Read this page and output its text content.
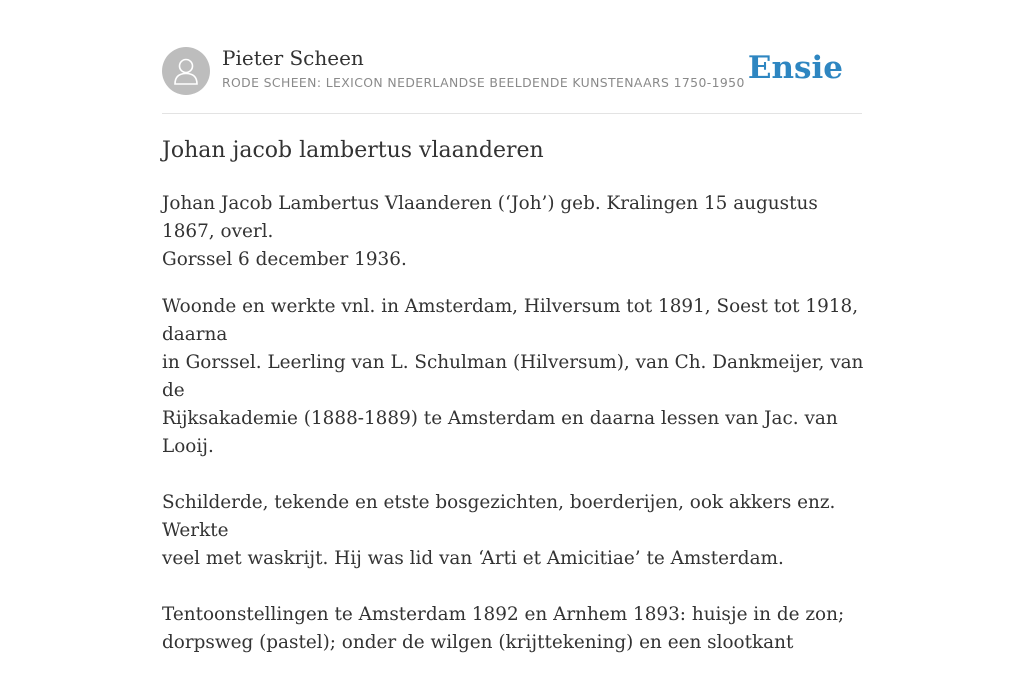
Pieter Scheen
RODE SCHEEN: LEXICON NEDERLANDSE BEELDENDE KUNSTENAARS 1750-1950 Ensie
Johan jacob lambertus vlaanderen

Johan Jacob Lambertus Vlaanderen (‘Joh’) geb. Kralingen 15 augustus 1867, overl.
Gorssel 6 december 1936.

Woonde en werkte vnl. in Amsterdam, Hilversum tot 1891, Soest tot 1918, daarna
in Gorssel. Leerling van L. Schulman (Hilversum), van Ch. Dankmeijer, van de
Rijksakademie (1888-1889) te Amsterdam en daarna lessen van Jac. van Looij.

Schilderde, tekende en etste bosgezichten, boerderijen, ook akkers enz. Werkte
veel met waskrijt. Hij was lid van ‘Arti et Amicitiae’ te Amsterdam.

Tentoonstellingen te Amsterdam 1892 en Arnhem 1893: huisje in de zon;
dorpsweg (pastel); onder de wilgen (krijttekening) en een slootkant
